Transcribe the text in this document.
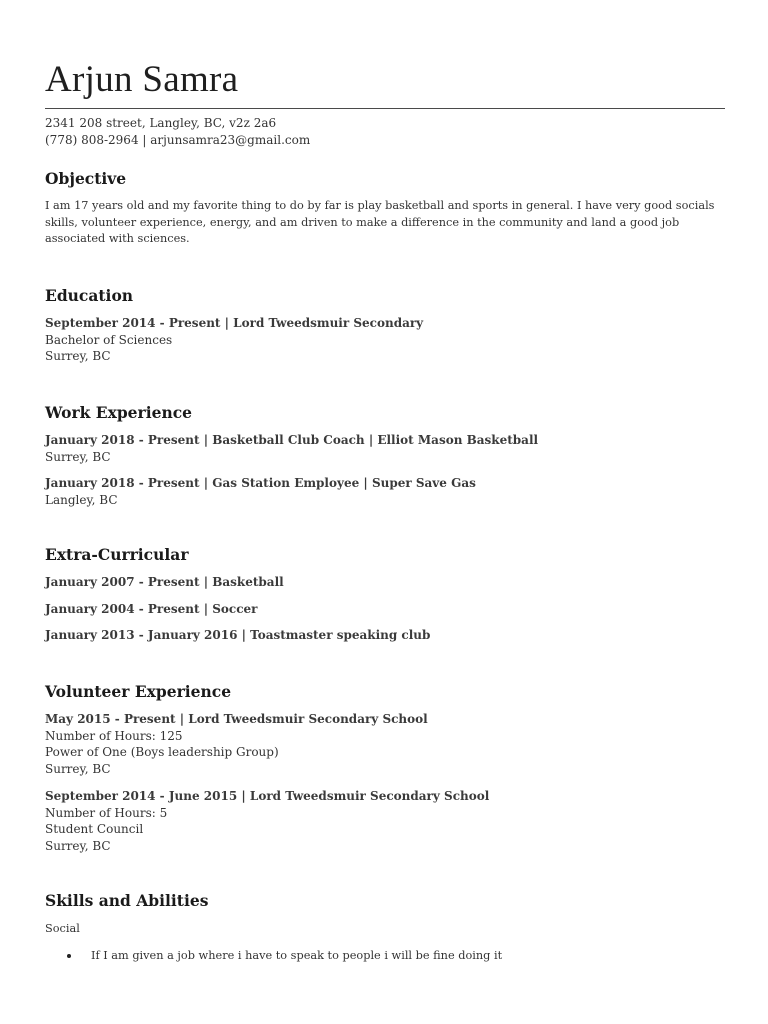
Arjun Samra
2341 208 street, Langley, BC, v2z 2a6
(778) 808-2964 | arjunsamra23@gmail.com
Objective
I am 17 years old and my favorite thing to do by far is play basketball and sports in general. I have very good socials skills, volunteer experience, energy, and am driven to make a difference in the community and land a good job associated with sciences.
Education
September 2014 - Present | Lord Tweedsmuir Secondary
Bachelor of Sciences
Surrey, BC
Work Experience
January 2018 - Present | Basketball Club Coach | Elliot Mason Basketball
Surrey, BC
January 2018 - Present | Gas Station Employee | Super Save Gas
Langley, BC
Extra-Curricular
January 2007 - Present | Basketball
January 2004 - Present | Soccer
January 2013 - January 2016 | Toastmaster speaking club
Volunteer Experience
May 2015 - Present | Lord Tweedsmuir Secondary School
Number of Hours: 125
Power of One (Boys leadership Group)
Surrey, BC
September 2014 - June 2015 | Lord Tweedsmuir Secondary School
Number of Hours: 5
Student Council
Surrey, BC
Skills and Abilities
Social
If I am given a job where i have to speak to people i will be fine doing it
